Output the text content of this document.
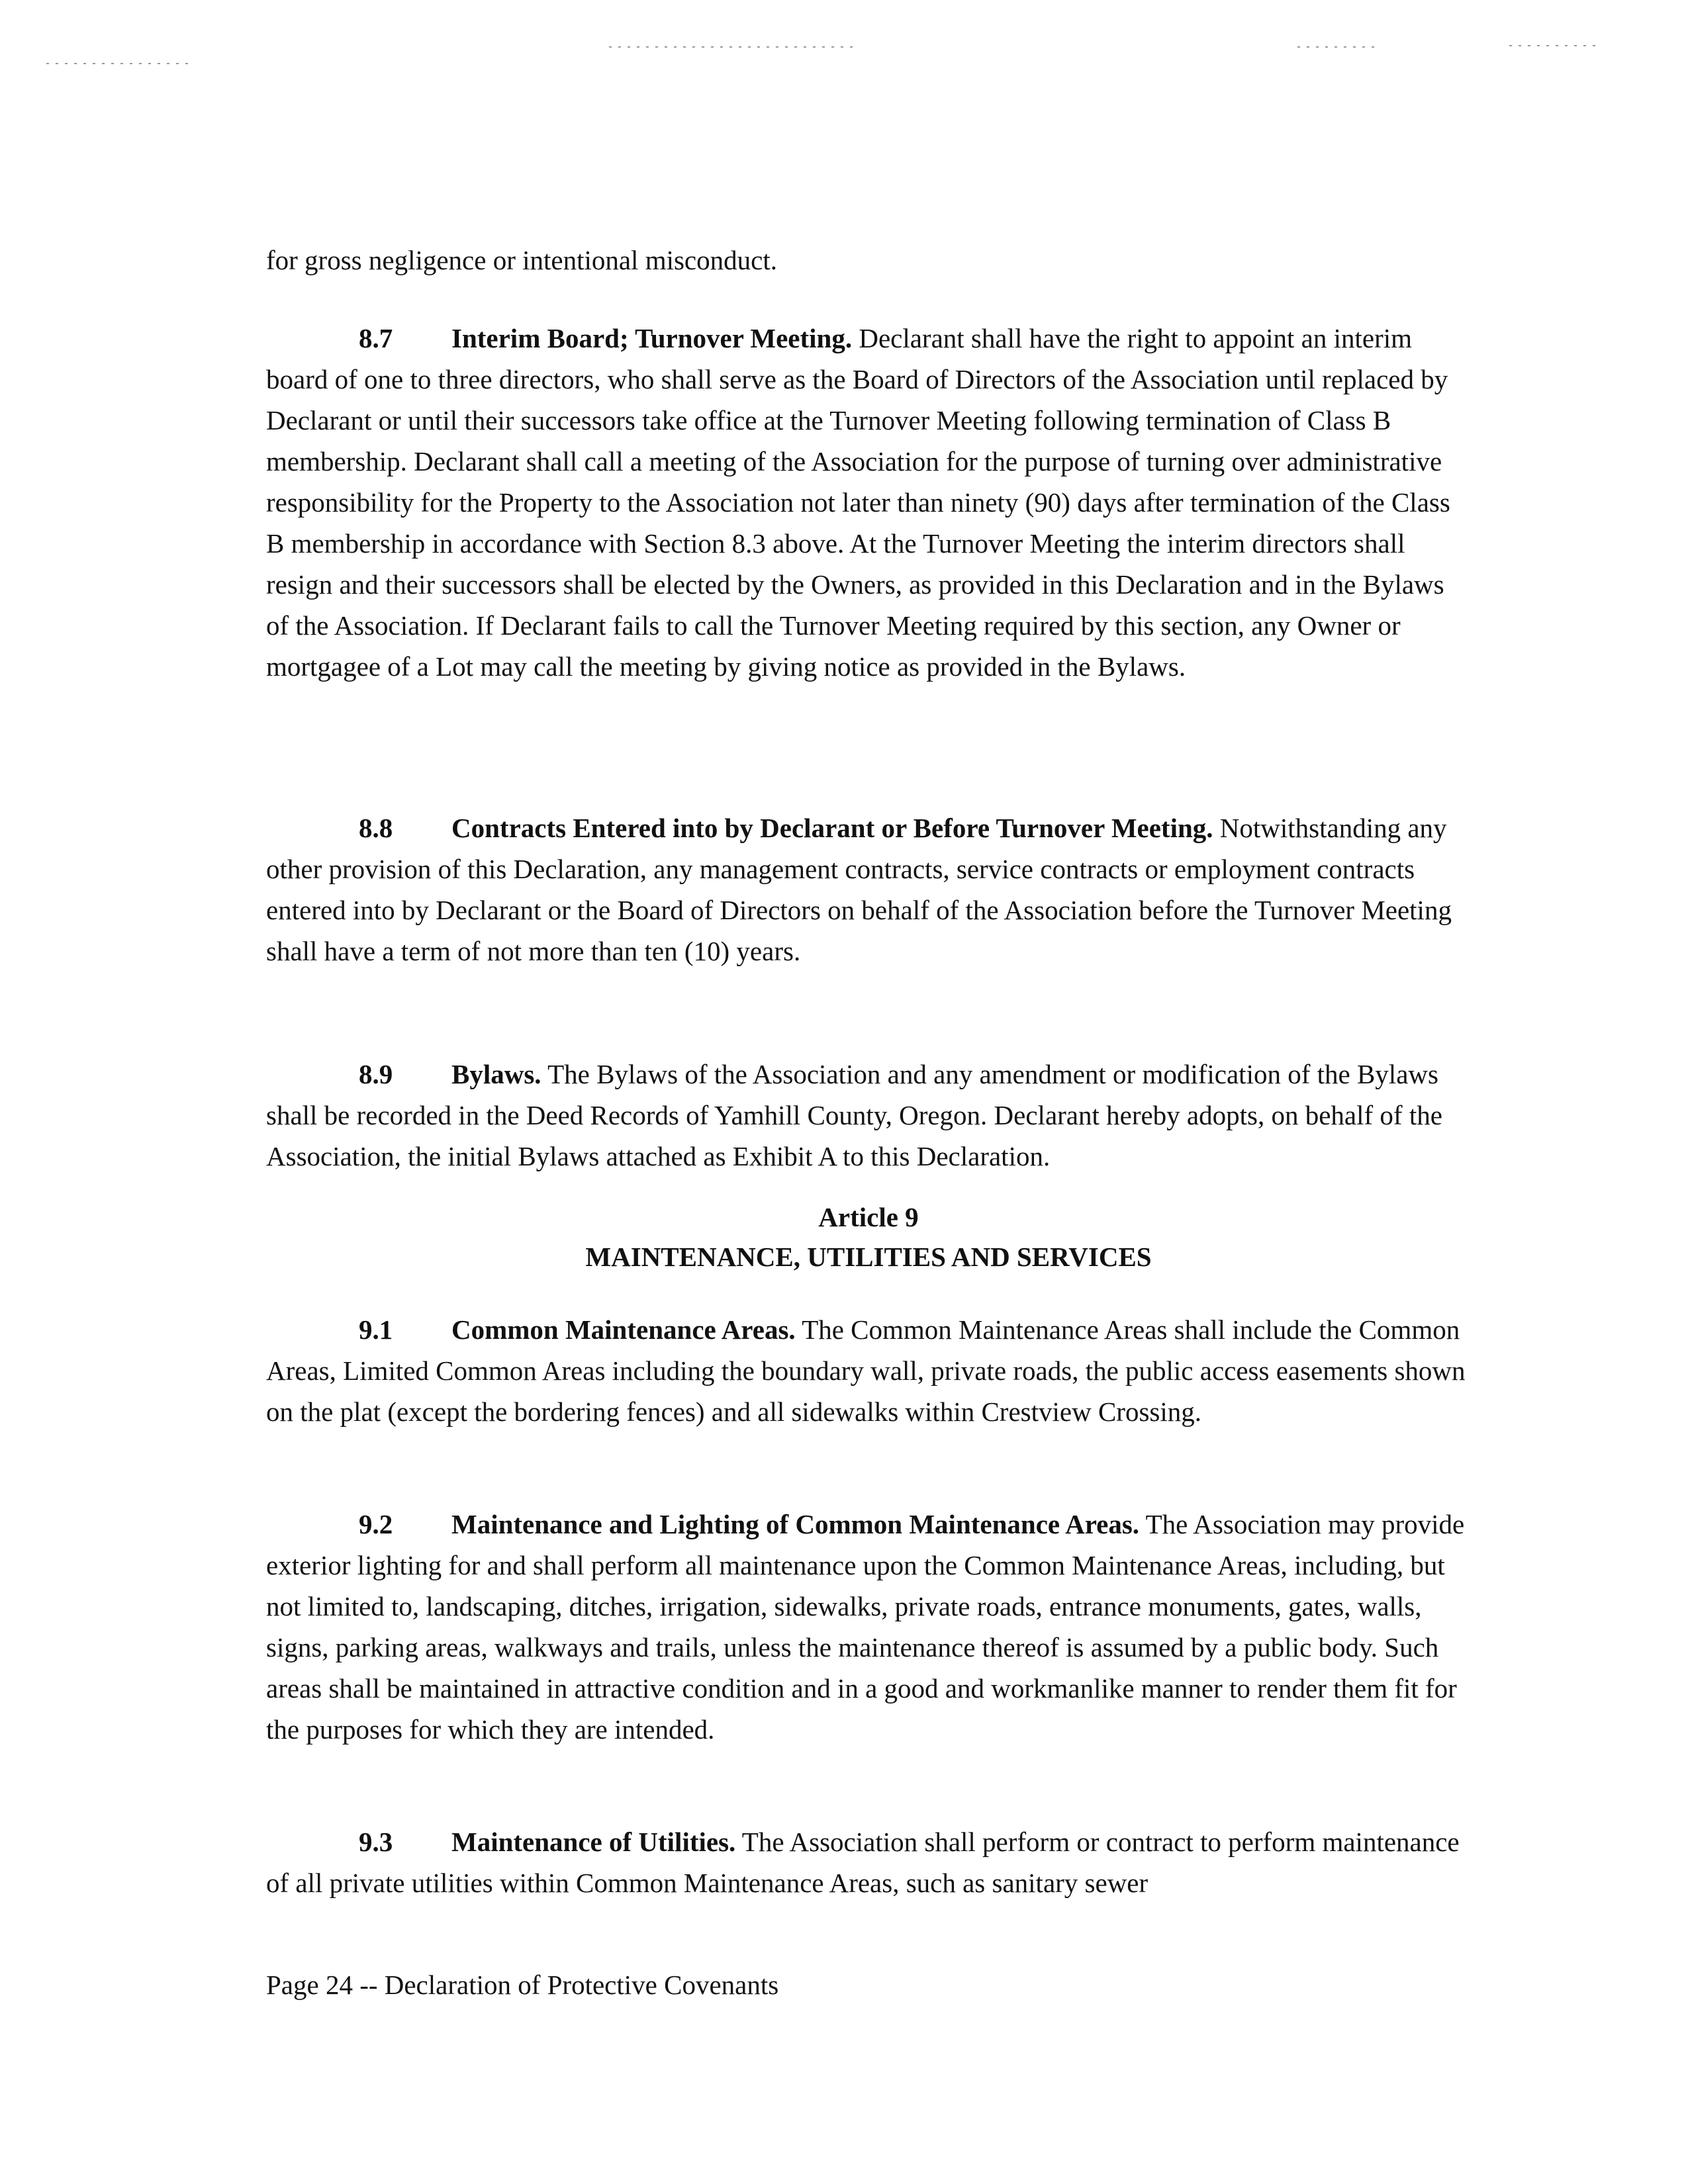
for gross negligence or intentional misconduct.

8.7 Interim Board; Turnover Meeting. Declarant shall have the right to appoint an interim board of one to three directors, who shall serve as the Board of Directors of the Association until replaced by Declarant or until their successors take office at the Turnover Meeting following termination of Class B membership. Declarant shall call a meeting of the Association for the purpose of turning over administrative responsibility for the Property to the Association not later than ninety (90) days after termination of the Class B membership in accordance with Section 8.3 above. At the Turnover Meeting the interim directors shall resign and their successors shall be elected by the Owners, as provided in this Declaration and in the Bylaws of the Association. If Declarant fails to call the Turnover Meeting required by this section, any Owner or mortgagee of a Lot may call the meeting by giving notice as provided in the Bylaws.

8.8 Contracts Entered into by Declarant or Before Turnover Meeting. Notwithstanding any other provision of this Declaration, any management contracts, service contracts or employment contracts entered into by Declarant or the Board of Directors on behalf of the Association before the Turnover Meeting shall have a term of not more than ten (10) years.

8.9 Bylaws. The Bylaws of the Association and any amendment or modification of the Bylaws shall be recorded in the Deed Records of Yamhill County, Oregon. Declarant hereby adopts, on behalf of the Association, the initial Bylaws attached as Exhibit A to this Declaration.

Article 9

MAINTENANCE, UTILITIES AND SERVICES

9.1 Common Maintenance Areas. The Common Maintenance Areas shall include the Common Areas, Limited Common Areas including the boundary wall, private roads, the public access easements shown on the plat (except the bordering fences) and all sidewalks within Crestview Crossing.

9.2 Maintenance and Lighting of Common Maintenance Areas. The Association may provide exterior lighting for and shall perform all maintenance upon the Common Maintenance Areas, including, but not limited to, landscaping, ditches, irrigation, sidewalks, private roads, entrance monuments, gates, walls, signs, parking areas, walkways and trails, unless the maintenance thereof is assumed by a public body. Such areas shall be maintained in attractive condition and in a good and workmanlike manner to render them fit for the purposes for which they are intended.

9.3 Maintenance of Utilities. The Association shall perform or contract to perform maintenance of all private utilities within Common Maintenance Areas, such as sanitary sewer

Page 24 -- Declaration of Protective Covenants
